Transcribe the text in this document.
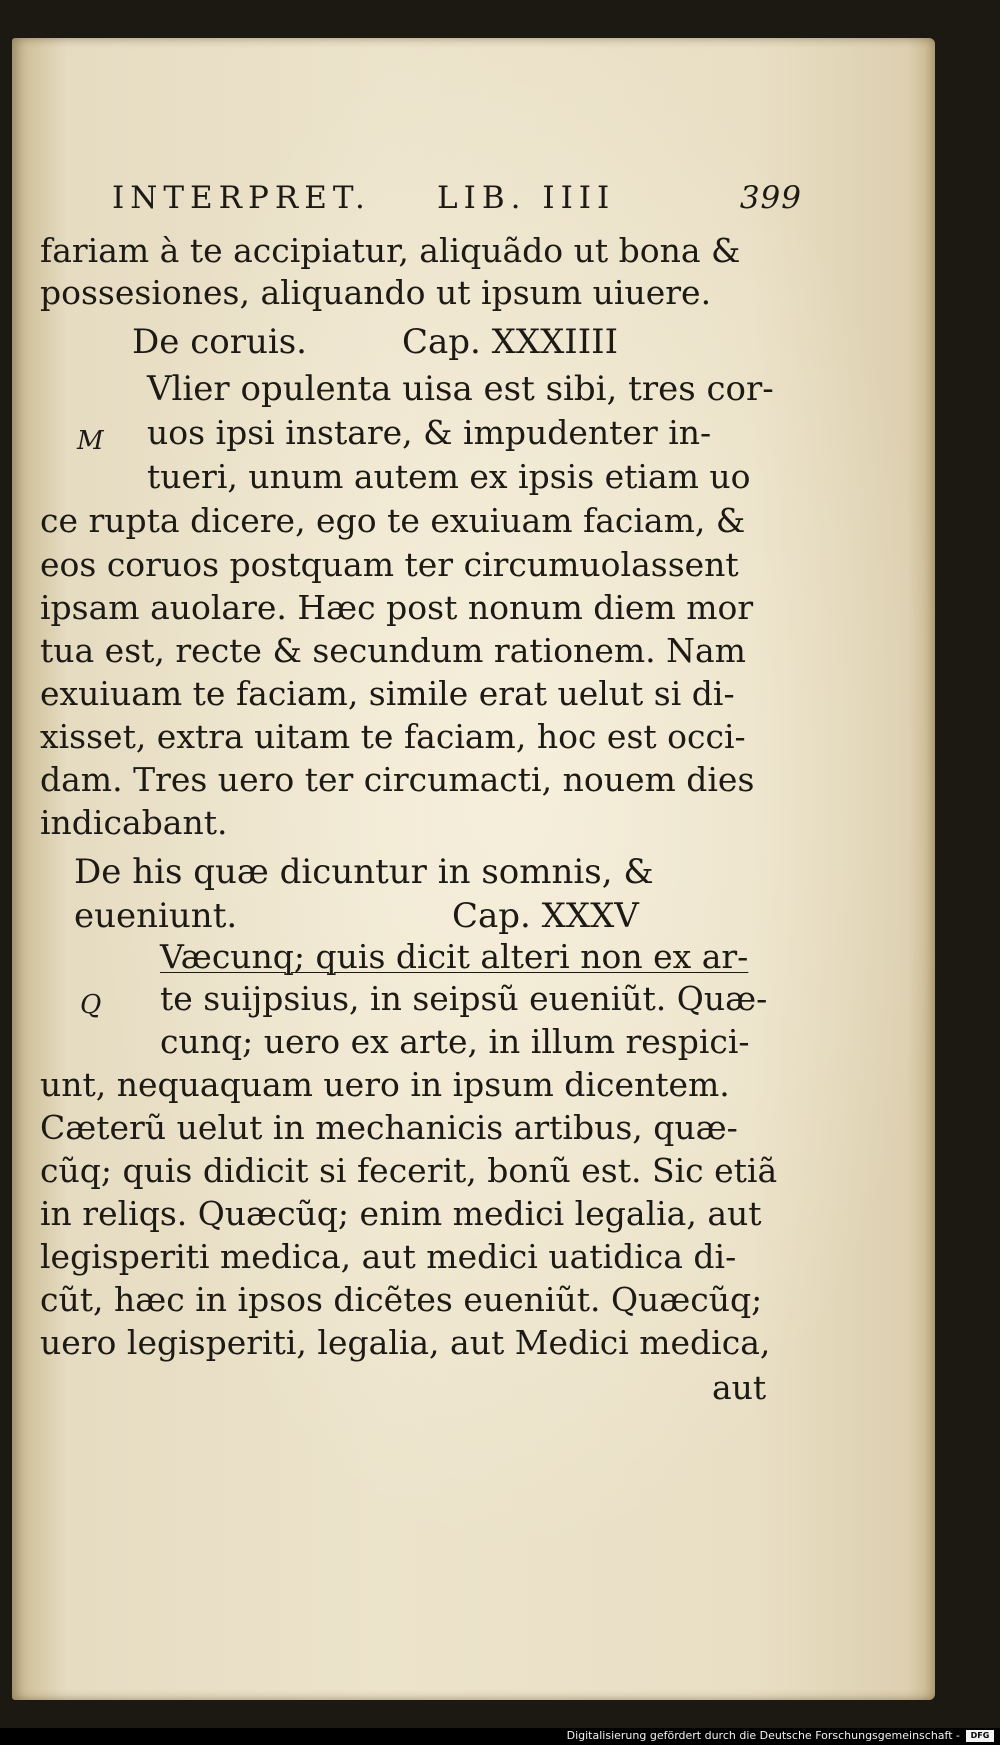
INTERPRET. LIB. IIII	399
fariam à te accipiatur, aliquãdo ut bona &
possesiones, aliquando ut ipsum uiuere.
De coruis.	Cap. XXXIIII
Vlier opulenta uisa est sibi, tres cor-
M uos ipsi instare, & impudenter in-
tueri, unum autem ex ipsis etiam uo
ce rupta dicere, ego te exuiuam faciam, &
eos coruos postquam ter circumuolassent
ipsam auolare. Hæc post nonum diem mor
tua est, recte & secundum rationem. Nam
exuiuam te faciam, simile erat uelut si di-
xisset, extra uitam te faciam, hoc est occi-
dam. Tres uero ter circumacti, nouem dies
indicabant.
De his quæ dicuntur in somnis, &
eueniunt.	Cap. XXXV
Væcunq; quis dicit alteri non ex ar-
Q te suijpsius, in seipsũ eueniũt. Quæ-
cunq; uero ex arte, in illum respici-
unt, nequaquam uero in ipsum dicentem.
Cæterũ uelut in mechanicis artibus, quæ-
cũq; quis didicit si fecerit, bonũ est. Sic etiã
in reliqs. Quæcũq; enim medici legalia, aut
legisperiti medica, aut medici uatidica di-
cũt, hæc in ipsos dicẽtes eueniũt. Quæcũq;
uero legisperiti, legalia, aut Medici medica,
aut
Digitalisierung gefördert durch die Deutsche Forschungsgemeinschaft -	DFG
